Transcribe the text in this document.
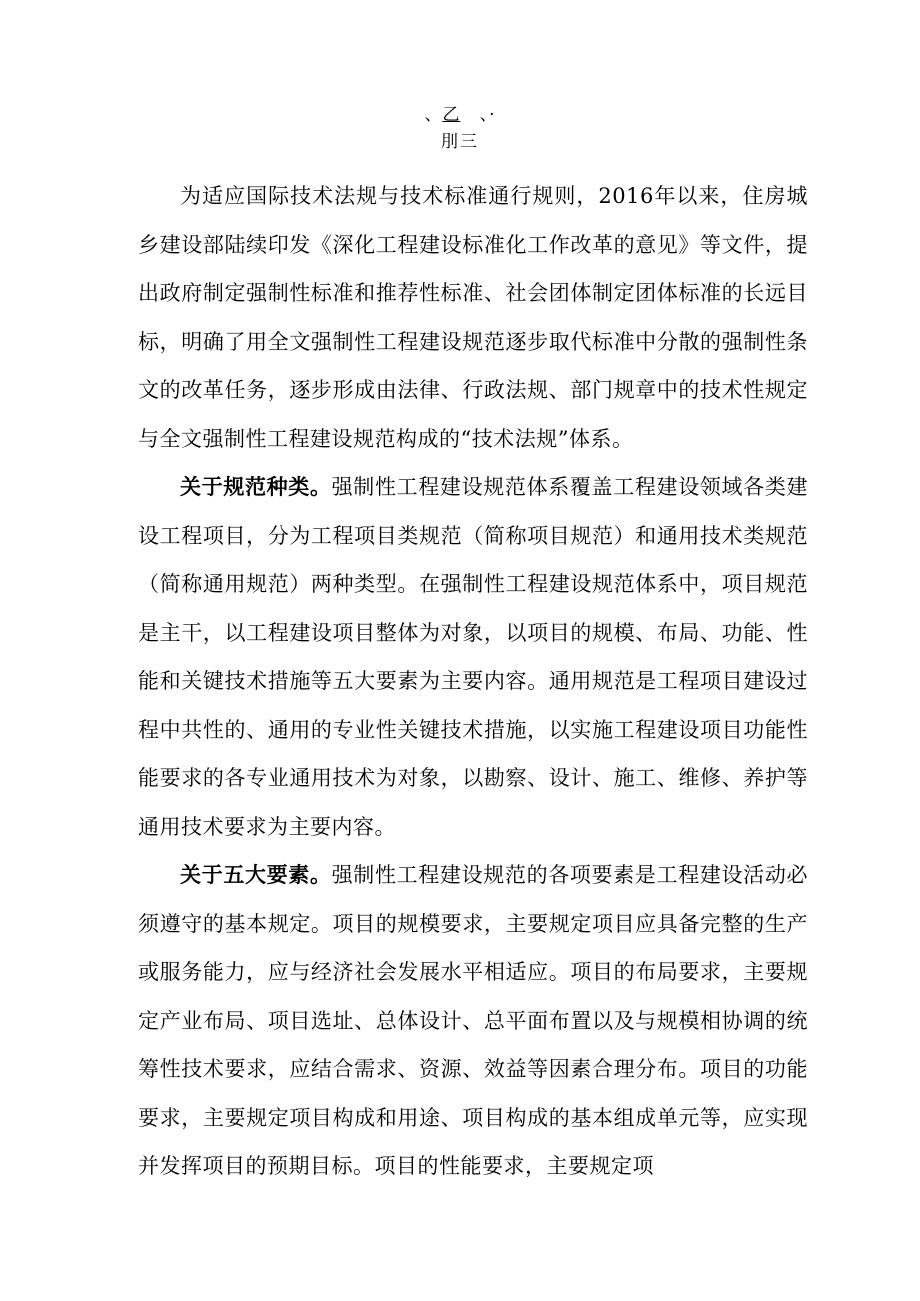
、乙 、·
刖三

为适应国际技术法规与技术标准通行规则，2016年以来，住房城乡建设部陆续印发《深化工程建设标准化工作改革的意见》等文件，提出政府制定强制性标准和推荐性标准、社会团体制定团体标准的长远目标，明确了用全文强制性工程建设规范逐步取代标准中分散的强制性条文的改革任务，逐步形成由法律、行政法规、部门规章中的技术性规定与全文强制性工程建设规范构成的“技术法规”体系。

关于规范种类。强制性工程建设规范体系覆盖工程建设领域各类建设工程项目，分为工程项目类规范（简称项目规范）和通用技术类规范（简称通用规范）两种类型。在强制性工程建设规范体系中，项目规范是主干，以工程建设项目整体为对象，以项目的规模、布局、功能、性能和关键技术措施等五大要素为主要内容。通用规范是工程项目建设过程中共性的、通用的专业性关键技术措施，以实施工程建设项目功能性能要求的各专业通用技术为对象，以勘察、设计、施工、维修、养护等通用技术要求为主要内容。

关于五大要素。强制性工程建设规范的各项要素是工程建设活动必须遵守的基本规定。项目的规模要求，主要规定项目应具备完整的生产或服务能力，应与经济社会发展水平相适应。项目的布局要求，主要规定产业布局、项目选址、总体设计、总平面布置以及与规模相协调的统筹性技术要求，应结合需求、资源、效益等因素合理分布。项目的功能要求，主要规定项目构成和用途、项目构成的基本组成单元等，应实现并发挥项目的预期目标。项目的性能要求，主要规定项
